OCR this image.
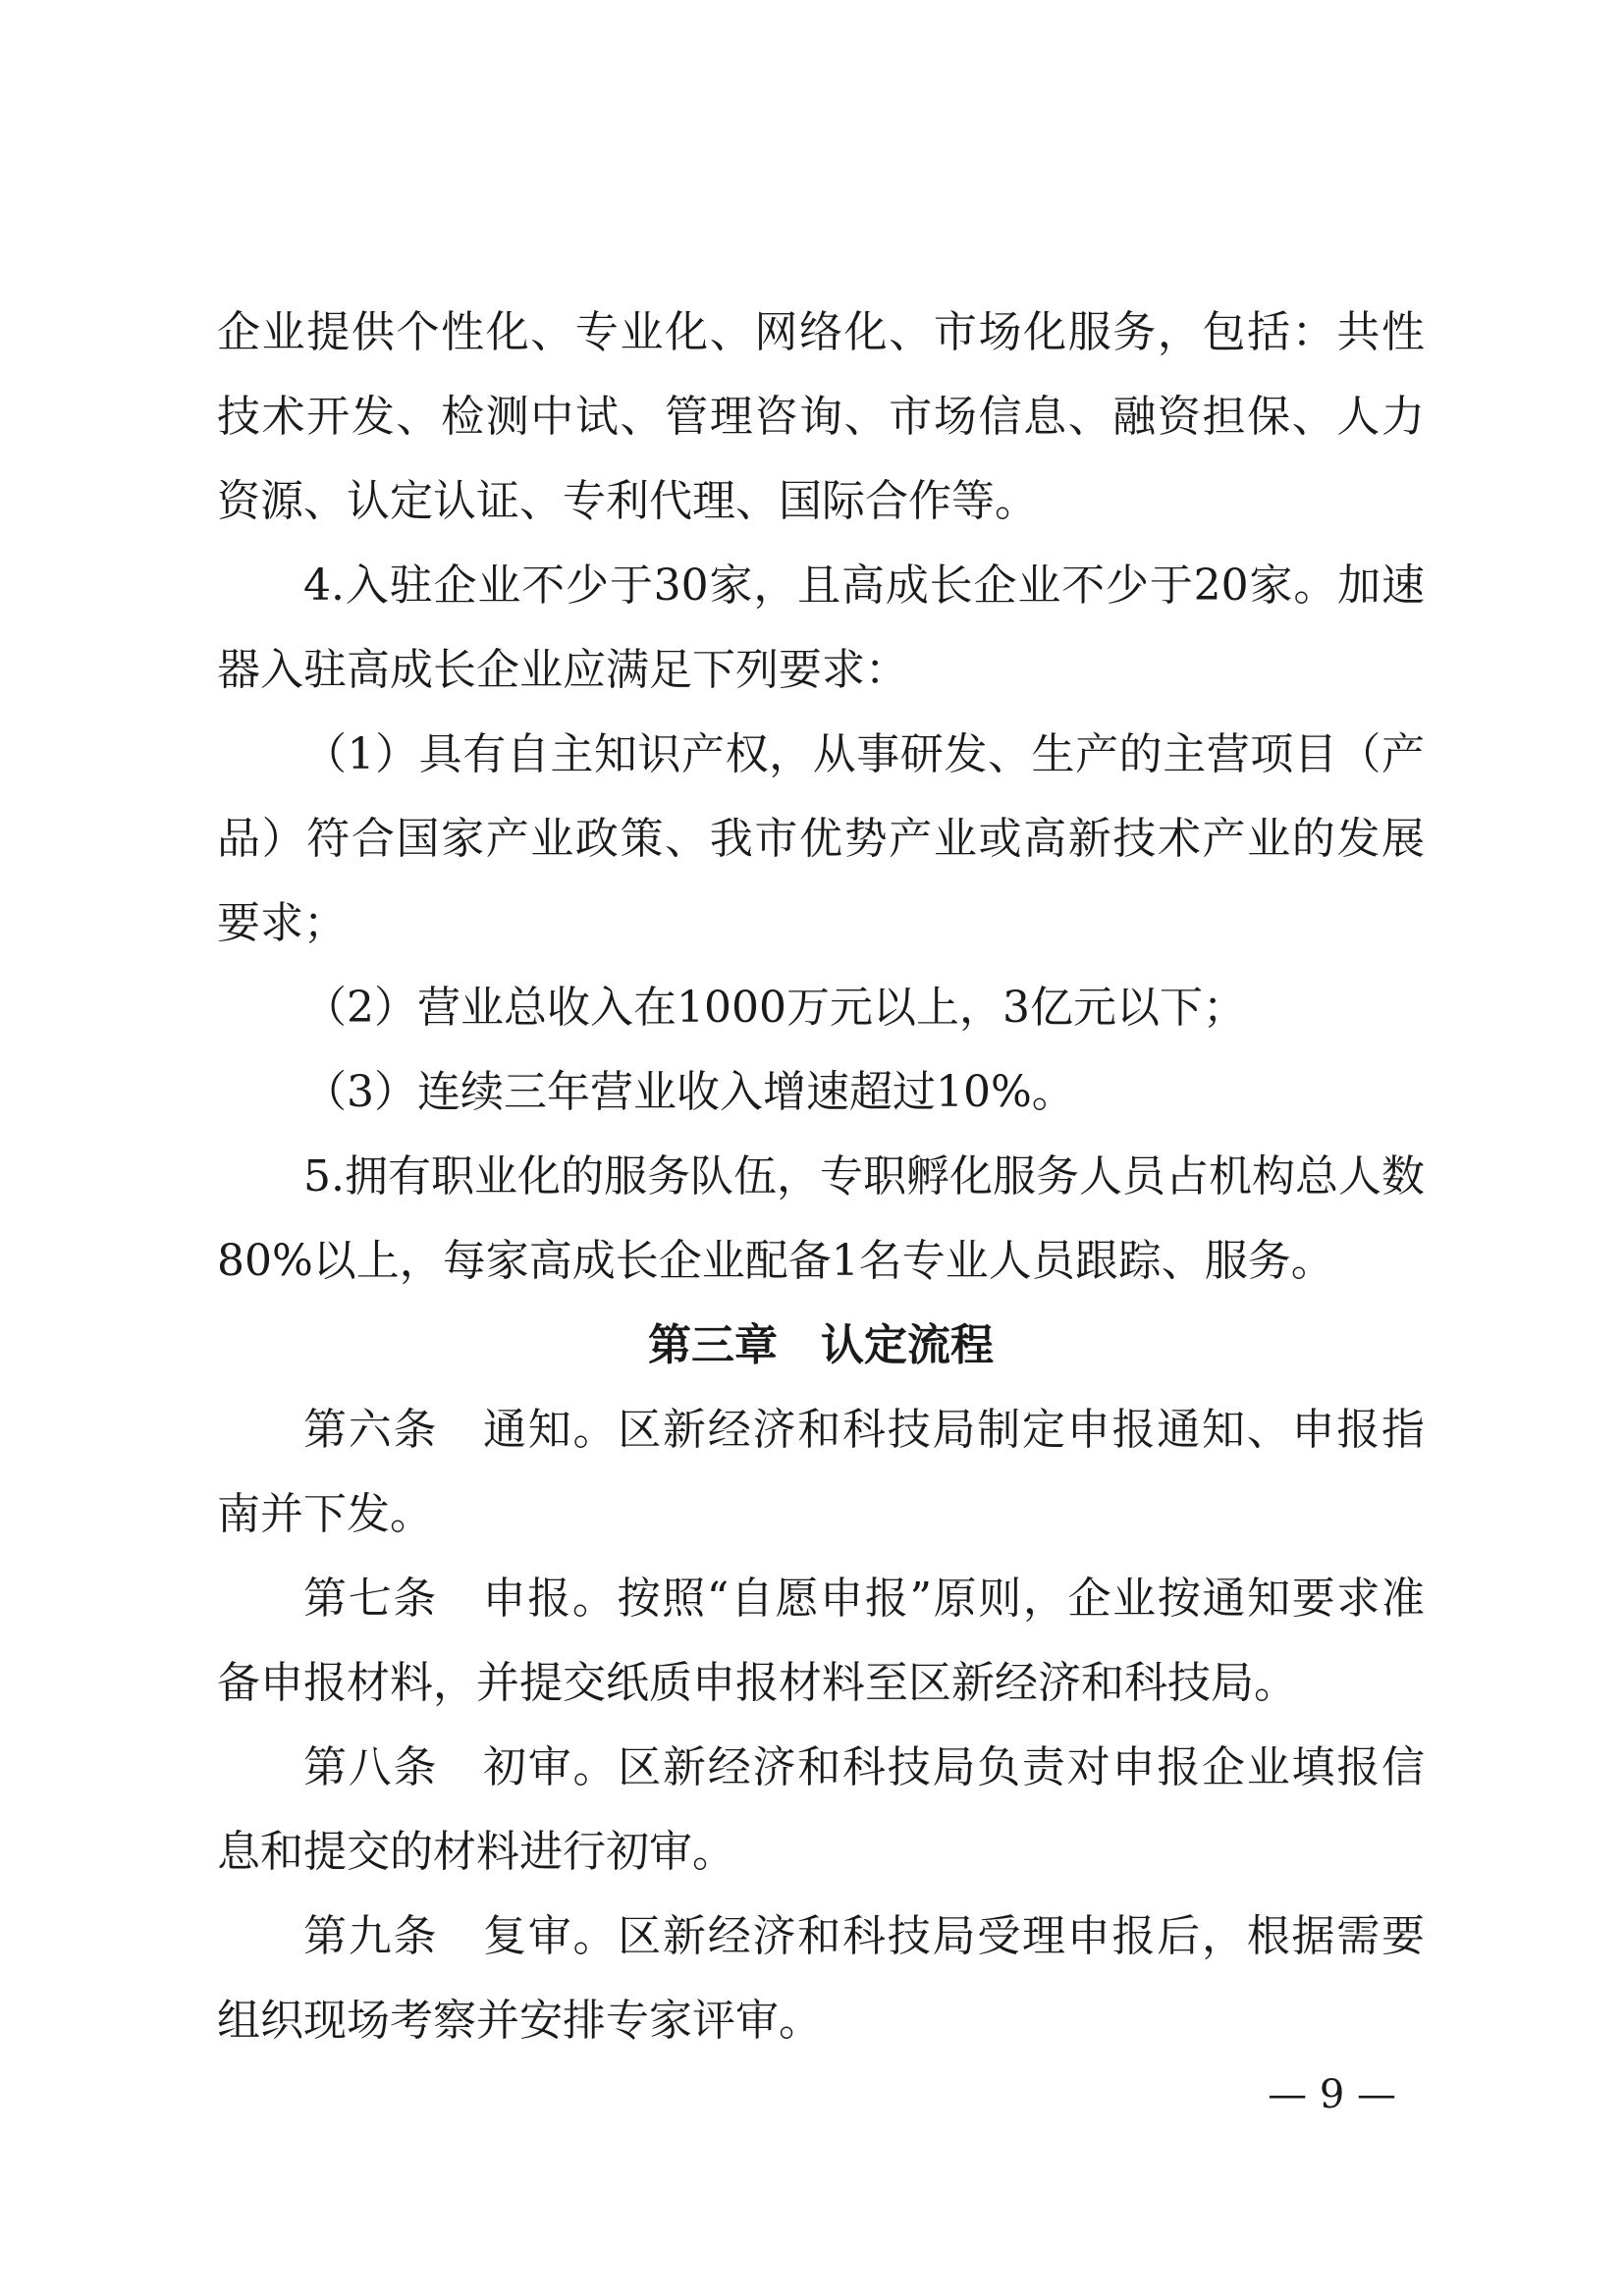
企业提供个性化、专业化、网络化、市场化服务，包括：共性技术开发、检测中试、管理咨询、市场信息、融资担保、人力资源、认定认证、专利代理、国际合作等。

4.入驻企业不少于30家，且高成长企业不少于20家。加速器入驻高成长企业应满足下列要求：

（1）具有自主知识产权，从事研发、生产的主营项目（产品）符合国家产业政策、我市优势产业或高新技术产业的发展要求；

（2）营业总收入在1000万元以上，3亿元以下；

（3）连续三年营业收入增速超过10%。

5.拥有职业化的服务队伍，专职孵化服务人员占机构总人数80%以上，每家高成长企业配备1名专业人员跟踪、服务。

第三章　认定流程

第六条　通知。区新经济和科技局制定申报通知、申报指南并下发。

第七条　申报。按照“自愿申报”原则，企业按通知要求准备申报材料，并提交纸质申报材料至区新经济和科技局。

第八条　初审。区新经济和科技局负责对申报企业填报信息和提交的材料进行初审。

第九条　复审。区新经济和科技局受理申报后，根据需要组织现场考察并安排专家评审。

— 9 —
